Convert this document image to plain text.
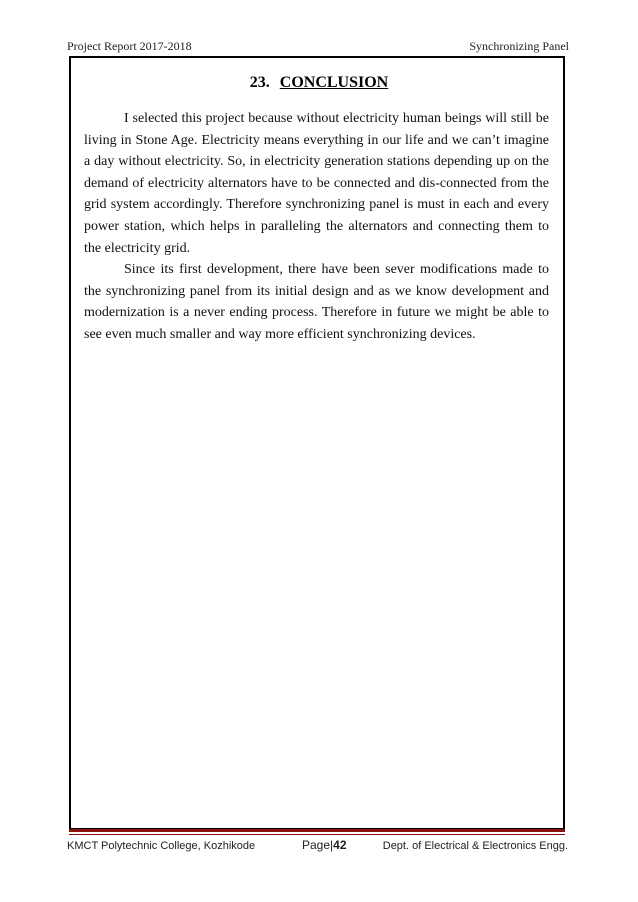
Project Report 2017-2018	Synchronizing Panel
23. CONCLUSION

I selected this project because without electricity human beings will still be living in Stone Age. Electricity means everything in our life and we can’t imagine a day without electricity. So, in electricity generation stations depending up on the demand of electricity alternators have to be connected and dis-connected from the grid system accordingly. Therefore synchronizing panel is must in each and every power station, which helps in paralleling the alternators and connecting them to the electricity grid.

Since its first development, there have been sever modifications made to the synchronizing panel from its initial design and as we know development and modernization is a never ending process. Therefore in future we might be able to see even much smaller and way more efficient synchronizing devices.

KMCT Polytechnic College, Kozhikode	Page|42	Dept. of Electrical & Electronics Engg.
